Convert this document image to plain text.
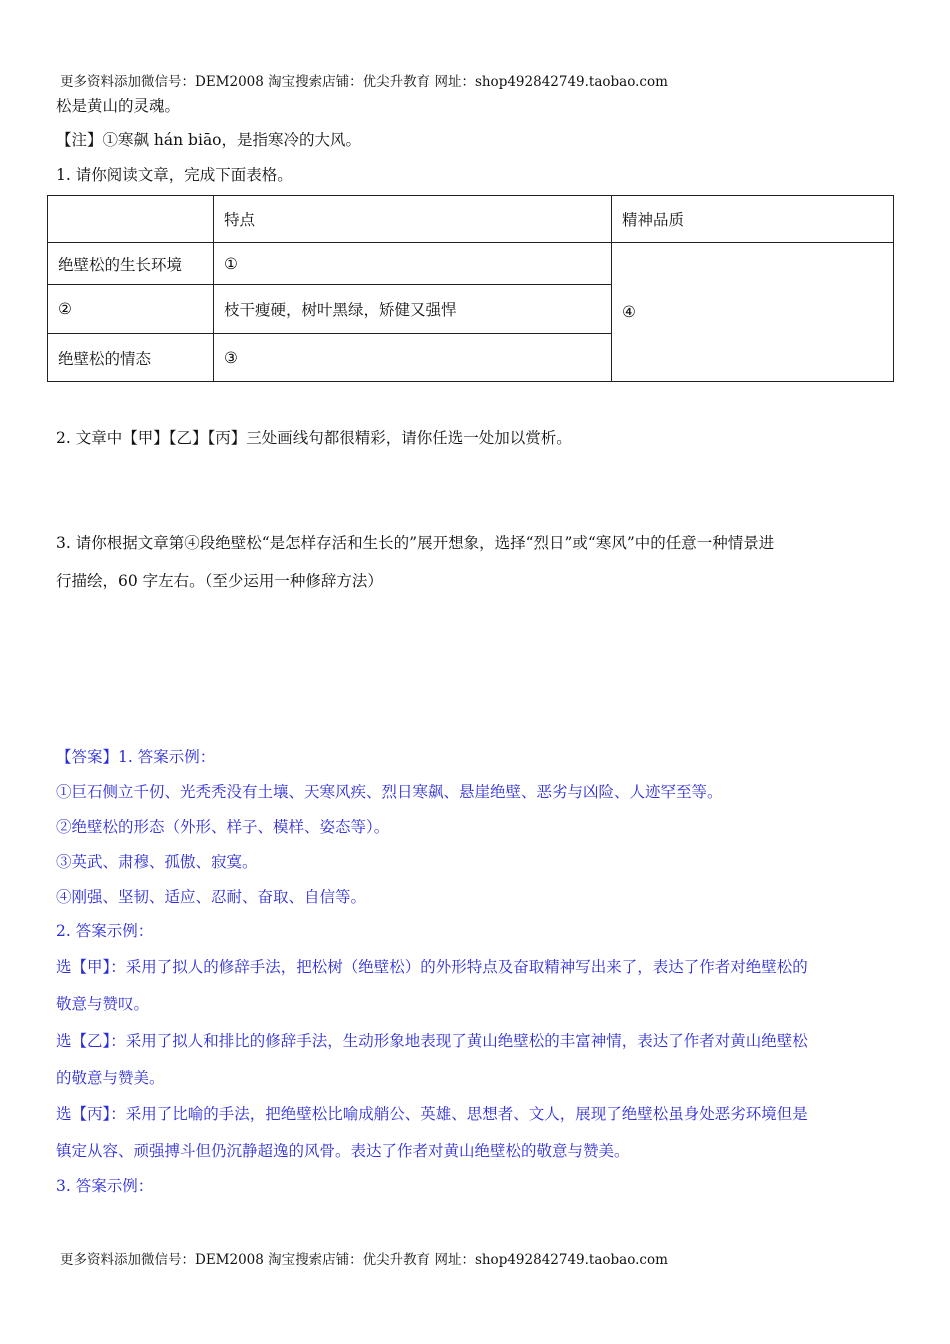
更多资料添加微信号：DEM2008 淘宝搜索店铺：优尖升教育 网址：shop492842749.taobao.com
松是黄山的灵魂。
【注】①寒飙 hán biāo，是指寒冷的大风。
1. 请你阅读文章，完成下面表格。
	特点	精神品质
绝壁松的生长环境	①	④
②	枝干瘦硬，树叶黑绿，矫健又强悍	
绝壁松的情态	③	
2. 文章中【甲】【乙】【丙】三处画线句都很精彩，请你任选一处加以赏析。
3. 请你根据文章第④段绝壁松“是怎样存活和生长的”展开想象，选择“烈日”或“寒风”中的任意一种情景进
行描绘，60 字左右。（至少运用一种修辞方法）
【答案】1. 答案示例：
①巨石侧立千仞、光秃秃没有土壤、天寒风疾、烈日寒飙、悬崖绝壁、恶劣与凶险、人迹罕至等。
②绝壁松的形态（外形、样子、模样、姿态等）。
③英武、肃穆、孤傲、寂寞。
④刚强、坚韧、适应、忍耐、奋取、自信等。
2. 答案示例：
选【甲】：采用了拟人的修辞手法，把松树（绝壁松）的外形特点及奋取精神写出来了，表达了作者对绝壁松的
敬意与赞叹。
选【乙】：采用了拟人和排比的修辞手法，生动形象地表现了黄山绝壁松的丰富神情，表达了作者对黄山绝壁松
的敬意与赞美。
选【丙】：采用了比喻的手法，把绝壁松比喻成艄公、英雄、思想者、文人，展现了绝壁松虽身处恶劣环境但是
镇定从容、顽强搏斗但仍沉静超逸的风骨。表达了作者对黄山绝壁松的敬意与赞美。
3. 答案示例：
更多资料添加微信号：DEM2008 淘宝搜索店铺：优尖升教育 网址：shop492842749.taobao.com
